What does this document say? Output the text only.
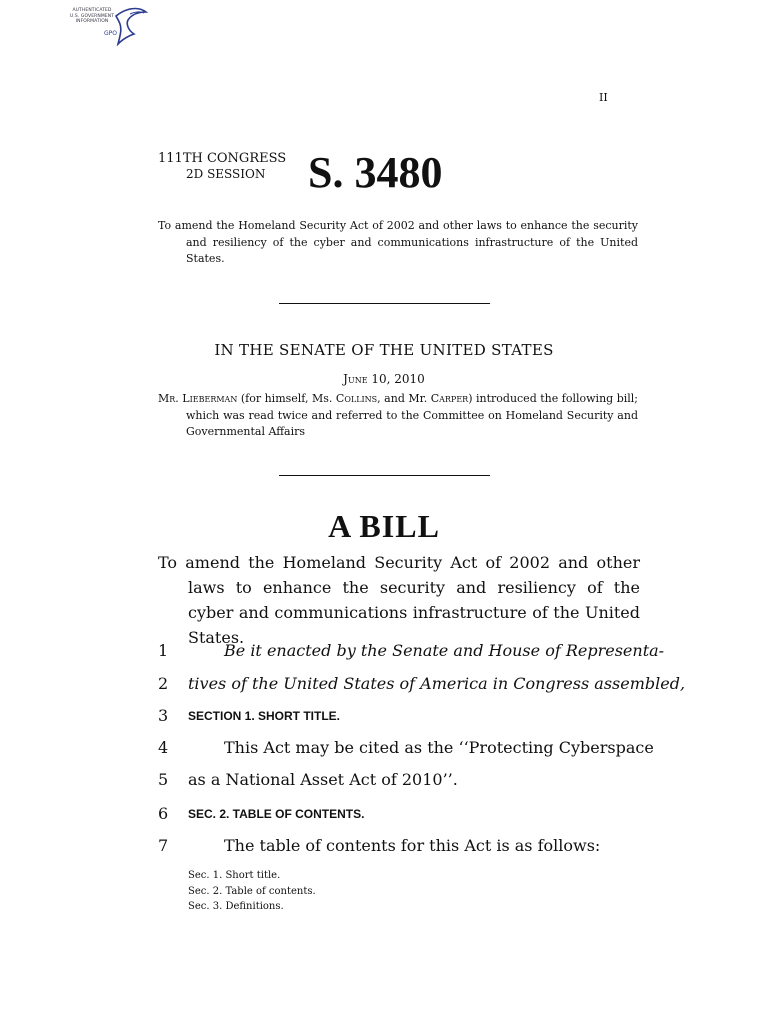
AUTHENTICATED
U.S. GOVERNMENT
INFORMATION
GPO
II
111TH CONGRESS
2D SESSION S. 3480
To amend the Homeland Security Act of 2002 and other laws to enhance the security and resiliency of the cyber and communications infrastructure of the United States.
IN THE SENATE OF THE UNITED STATES
June 10, 2010
Mr. Lieberman (for himself, Ms. Collins, and Mr. Carper) introduced the following bill; which was read twice and referred to the Committee on Homeland Security and Governmental Affairs
A BILL
To amend the Homeland Security Act of 2002 and other laws to enhance the security and resiliency of the cyber and communications infrastructure of the United States.
1	Be it enacted by the Senate and House of Representa-
2	tives of the United States of America in Congress assembled,
3	SECTION 1. SHORT TITLE.
4	This Act may be cited as the ‘‘Protecting Cyberspace
5	as a National Asset Act of 2010’’.
6	SEC. 2. TABLE OF CONTENTS.
7	The table of contents for this Act is as follows:
Sec. 1. Short title.
Sec. 2. Table of contents.
Sec. 3. Definitions.
